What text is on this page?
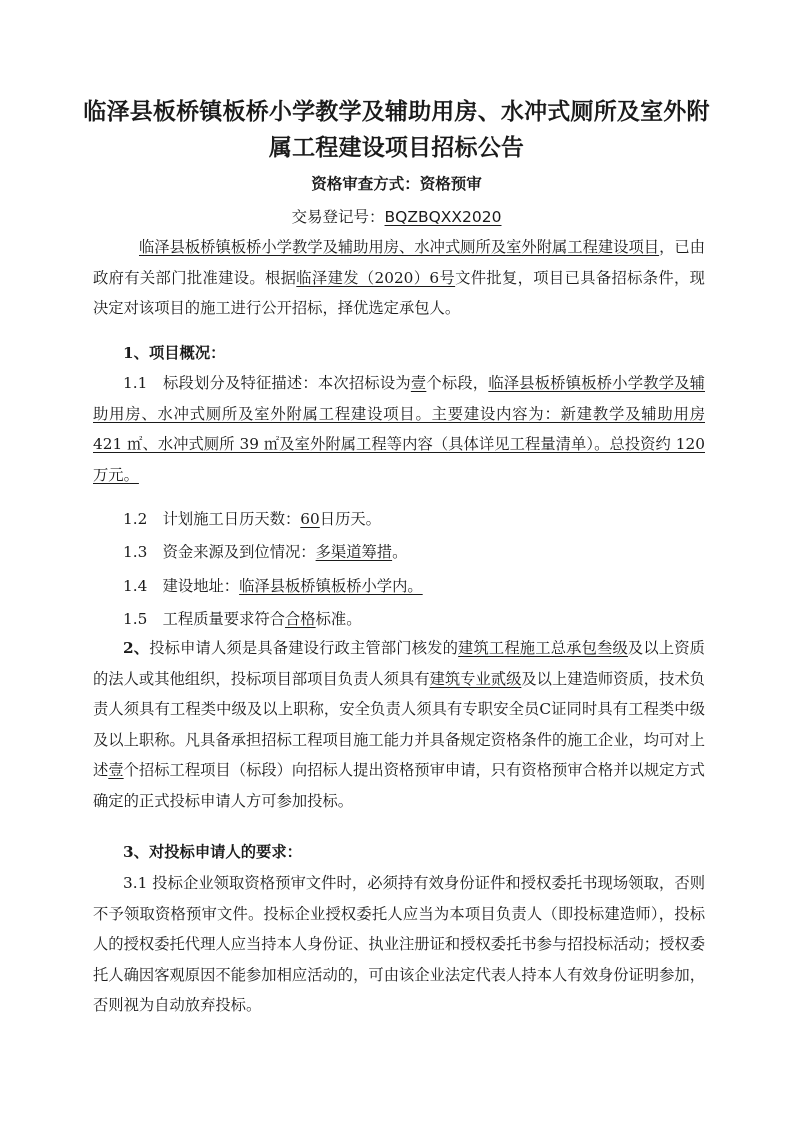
临泽县板桥镇板桥小学教学及辅助用房、水冲式厕所及室外附
属工程建设项目招标公告
资格审查方式：资格预审
交易登记号：BQZBQXX2020
临泽县板桥镇板桥小学教学及辅助用房、水冲式厕所及室外附属工程建设项目，已由政府有关部门批准建设。根据临泽建发（2020）6号文件批复，项目已具备招标条件，现决定对该项目的施工进行公开招标，择优选定承包人。
1、项目概况：
1.1　标段划分及特征描述：本次招标设为壹个标段，临泽县板桥镇板桥小学教学及辅助用房、水冲式厕所及室外附属工程建设项目。主要建设内容为：新建教学及辅助用房 421 ㎡、水冲式厕所 39 ㎡及室外附属工程等内容（具体详见工程量清单）。总投资约 120 万元。
1.2　计划施工日历天数：60日历天。
1.3　资金来源及到位情况：多渠道筹措。
1.4　建设地址：临泽县板桥镇板桥小学内。
1.5　工程质量要求符合合格标准。
2、投标申请人须是具备建设行政主管部门核发的建筑工程施工总承包叁级及以上资质的法人或其他组织，投标项目部项目负责人须具有建筑专业贰级及以上建造师资质，技术负责人须具有工程类中级及以上职称，安全负责人须具有专职安全员C证同时具有工程类中级及以上职称。凡具备承担招标工程项目施工能力并具备规定资格条件的施工企业，均可对上述壹个招标工程项目（标段）向招标人提出资格预审申请，只有资格预审合格并以规定方式确定的正式投标申请人方可参加投标。
3、对投标申请人的要求：
3.1 投标企业领取资格预审文件时，必须持有效身份证件和授权委托书现场领取，否则不予领取资格预审文件。投标企业授权委托人应当为本项目负责人（即投标建造师），投标人的授权委托代理人应当持本人身份证、执业注册证和授权委托书参与招投标活动；授权委托人确因客观原因不能参加相应活动的，可由该企业法定代表人持本人有效身份证明参加，否则视为自动放弃投标。
